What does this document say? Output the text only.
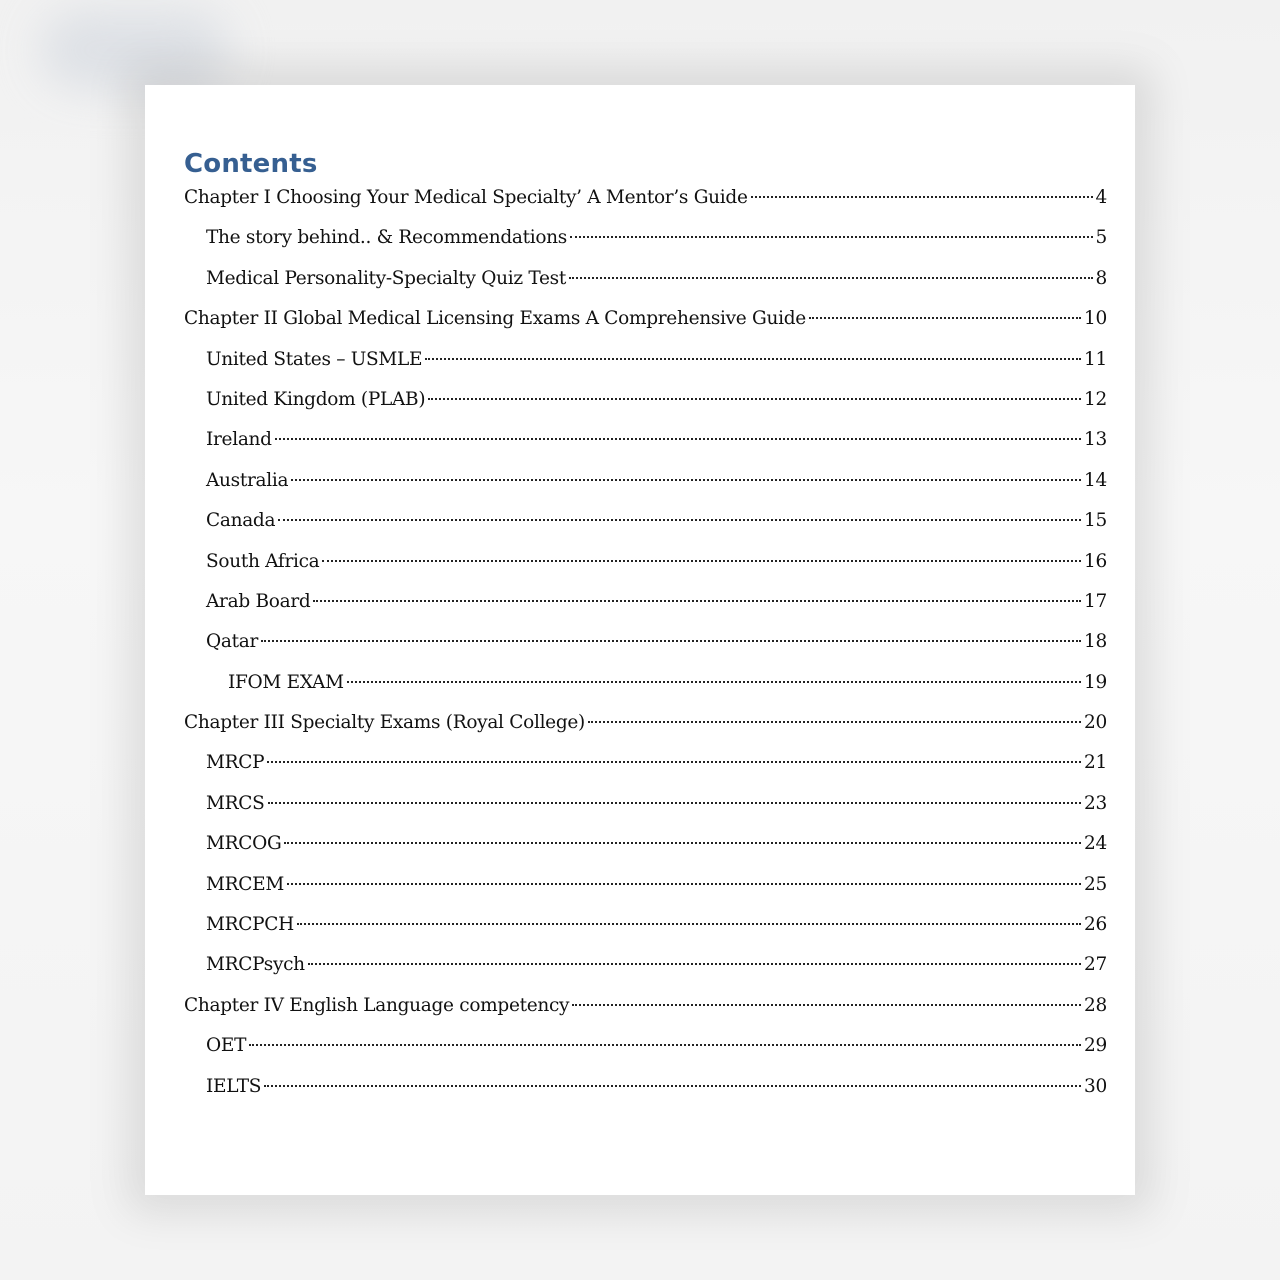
Contents
Chapter I Choosing Your Medical Specialty’ A Mentor’s Guide	4
The story behind.. & Recommendations	5
Medical Personality-Specialty Quiz Test	8
Chapter II Global Medical Licensing Exams A Comprehensive Guide	10
United States – USMLE	11
United Kingdom (PLAB)	12
Ireland	13
Australia	14
Canada	15
South Africa	16
Arab Board	17
Qatar	18
IFOM EXAM	19
Chapter III Specialty Exams (Royal College)	20
MRCP	21
MRCS	23
MRCOG	24
MRCEM	25
MRCPCH	26
MRCPsych	27
Chapter IV English Language competency	28
OET	29
IELTS	30
